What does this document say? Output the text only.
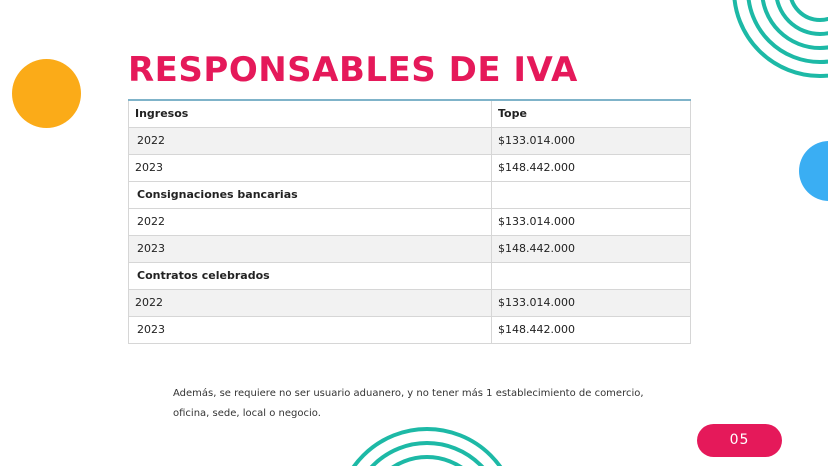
RESPONSABLES DE IVA
Ingresos	Tope
2022	$133.014.000
2023	$148.442.000
Consignaciones bancarias	
2022	$133.014.000
2023	$148.442.000
Contratos celebrados	
2022	$133.014.000
2023	$148.442.000

Además, se requiere no ser usuario aduanero, y no tener más 1 establecimiento de comercio, oficina, sede, local o negocio.

05
